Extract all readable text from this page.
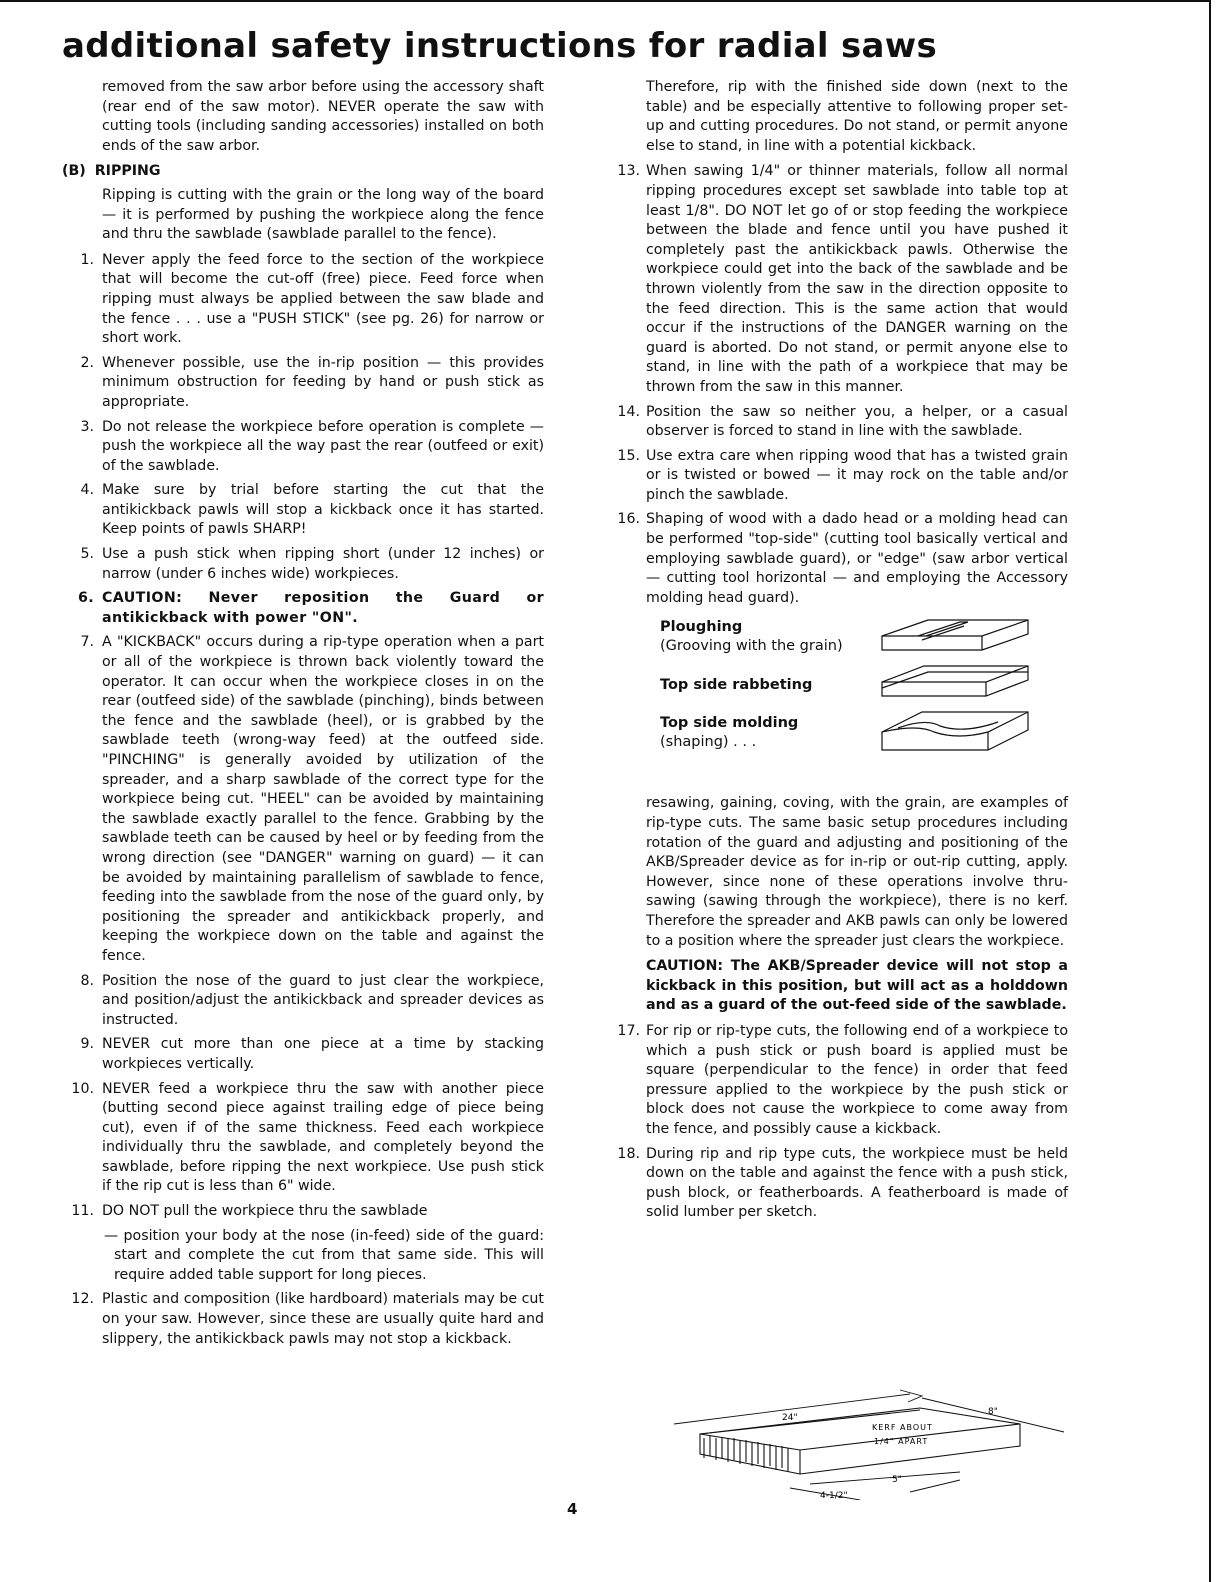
additional safety instructions for radial saws

removed from the saw arbor before using the accessory shaft (rear end of the saw motor). NEVER operate the saw with cutting tools (including sanding accessories) installed on both ends of the saw arbor.

(B) RIPPING

Ripping is cutting with the grain or the long way of the board — it is performed by pushing the workpiece along the fence and thru the sawblade (sawblade parallel to the fence).

1. Never apply the feed force to the section of the workpiece that will become the cut-off (free) piece. Feed force when ripping must always be applied between the saw blade and the fence . . . use a "PUSH STICK" (see pg. 26) for narrow or short work.
2. Whenever possible, use the in-rip position — this provides minimum obstruction for feeding by hand or push stick as appropriate.
3. Do not release the workpiece before operation is complete — push the workpiece all the way past the rear (outfeed or exit) of the sawblade.
4. Make sure by trial before starting the cut that the antikickback pawls will stop a kickback once it has started. Keep points of pawls SHARP!
5. Use a push stick when ripping short (under 12 inches) or narrow (under 6 inches wide) workpieces.
6. CAUTION: Never reposition the Guard or antikickback with power "ON".
7. A "KICKBACK" occurs during a rip-type operation when a part or all of the workpiece is thrown back violently toward the operator. It can occur when the workpiece closes in on the rear (outfeed side) of the sawblade (pinching), binds between the fence and the sawblade (heel), or is grabbed by the sawblade teeth (wrong-way feed) at the outfeed side. "PINCHING" is generally avoided by utilization of the spreader, and a sharp sawblade of the correct type for the workpiece being cut. "HEEL" can be avoided by maintaining the sawblade exactly parallel to the fence. Grabbing by the sawblade teeth can be caused by heel or by feeding from the wrong direction (see "DANGER" warning on guard) — it can be avoided by maintaining parallelism of sawblade to fence, feeding into the sawblade from the nose of the guard only, by positioning the spreader and antikickback properly, and keeping the workpiece down on the table and against the fence.
8. Position the nose of the guard to just clear the workpiece, and position/adjust the antikickback and spreader devices as instructed.
9. NEVER cut more than one piece at a time by stacking workpieces vertically.
10. NEVER feed a workpiece thru the saw with another piece (butting second piece against trailing edge of piece being cut), even if of the same thickness. Feed each workpiece individually thru the sawblade, and completely beyond the sawblade, before ripping the next workpiece. Use push stick if the rip cut is less than 6" wide.
11. DO NOT pull the workpiece thru the sawblade

— position your body at the nose (in-feed) side of the guard: start and complete the cut from that same side. This will require added table support for long pieces.

12. Plastic and composition (like hardboard) materials may be cut on your saw. However, since these are usually quite hard and slippery, the antikickback pawls may not stop a kickback.

Therefore, rip with the finished side down (next to the table) and be especially attentive to following proper set-up and cutting procedures. Do not stand, or permit anyone else to stand, in line with a potential kickback.

13. When sawing 1/4" or thinner materials, follow all normal ripping procedures except set sawblade into table top at least 1/8". DO NOT let go of or stop feeding the workpiece between the blade and fence until you have pushed it completely past the antikickback pawls. Otherwise the workpiece could get into the back of the sawblade and be thrown violently from the saw in the direction opposite to the feed direction. This is the same action that would occur if the instructions of the DANGER warning on the guard is aborted. Do not stand, or permit anyone else to stand, in line with the path of a workpiece that may be thrown from the saw in this manner.
14. Position the saw so neither you, a helper, or a casual observer is forced to stand in line with the sawblade.
15. Use extra care when ripping wood that has a twisted grain or is twisted or bowed — it may rock on the table and/or pinch the sawblade.
16. Shaping of wood with a dado head or a molding head can be performed "top-side" (cutting tool basically vertical and employing sawblade guard), or "edge" (saw arbor vertical — cutting tool horizontal — and employing the Accessory molding head guard).
Ploughing
(Grooving with the grain)
Top side rabbeting
Top side molding
(shaping) . . .

resawing, gaining, coving, with the grain, are examples of rip-type cuts. The same basic setup procedures including rotation of the guard and adjusting and positioning of the AKB/Spreader device as for in-rip or out-rip cutting, apply. However, since none of these operations involve thru-sawing (sawing through the workpiece), there is no kerf. Therefore the spreader and AKB pawls can only be lowered to a position where the spreader just clears the workpiece.

CAUTION: The AKB/Spreader device will not stop a kickback in this position, but will act as a holddown and as a guard of the out-feed side of the sawblade.

17. For rip or rip-type cuts, the following end of a workpiece to which a push stick or push board is applied must be square (perpendicular to the fence) in order that feed pressure applied to the workpiece by the push stick or block does not cause the workpiece to come away from the fence, and possibly cause a kickback.
18. During rip and rip type cuts, the workpiece must be held down on the table and against the fence with a push stick, push block, or featherboards. A featherboard is made of solid lumber per sketch.
24"
8"
KERF ABOUT
1/4" APART
5"
4-1/2"
4
